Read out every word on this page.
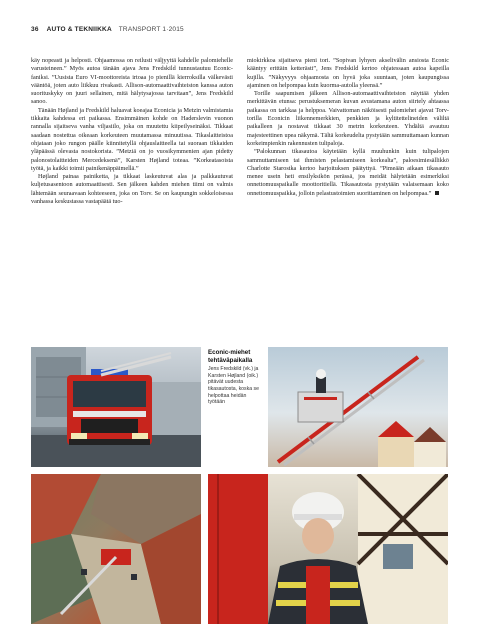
36 AUTO & TEKNIIKKA TRANSPORT 1·2015

käy nopeasti ja helposti. Ohjaamossa on reilusti väljyyttä kahdelle palomiehelle varusteineen.” Myös autoa tänään ajava Jens Fredskild tunnustautuu Econic-faniksi. ”Uusista Euro VI-moottoreista irtoaa jo pienillä kierroksilla välkevästi vääntöä, joten auto liikkuu rivakasti. Allison-automaattivaihteiston kanssa auton suorituskyky on juuri sellainen, mitä hälytysajossa tarvitaan”, Jens Fredskild sanoo.

Tänään Højland ja Fredskild haluavat koeajaa Econicia ja Metzin valmistamia tikkaita kahdessa eri paikassa. Ensimmäinen kohde on Haderslevin vuonon rannalla sijaitseva vanha viljasiilo, joka on muutettu kiipeilyseinäksi. Tikkaat saadaan nostettua oikeaan korkeuteen muutamassa minuutissa. Tikaslaitteistoa ohjataan joko rungon päälle kiinnitetyllä ohjauslaitteella tai suoraan tikkaiden yläpäässä olevasta nostokorista. ”Metziä on jo vuosikymmenien ajan pidetty palonostolaitteiden Mercedeksenä”, Karsten Højland toteaa. ”Korkeatasoista työtä, ja kaikki toimii painikenäppäimellä.”

Højland painaa painiketta, ja tikkaat laskeutuvat alas ja palkkautuvat kuljetusasentoon automaattisesti. Sen jälkeen kahden miehen tiimi on valmis lähtemään seuraavaan kohteeseen, joka on Torv. Se on kaupungin sokkeloisessa vanhassa keskustassa vastapäätä tuo-

miokirkkoa sijaitseva pieni tori. ”Sopivan lyhyen akselivälin ansiosta Econic kääntyy erittäin ketterästi”, Jens Fredskild kertoo ohjatessaan autoa kapeilla kujilla. ”Näkyvyys ohjaamosta on hyvä joka suuntaan, joten kaupungissa ajaminen on helpompaa kuin kuorma-autolla yleensä.”

Torille saapumisen jälkeen Allison-automaattivaihteiston näyttää yhden merkittävän etunsa: perustuksemeran kuvan avustamana auton siirtely ahtaassa paikassa on tarkkaa ja helppoa. Vaivattoman näköisesti palomiehet ajavat Torv-torilla Econicin liikennemerkkien, penkkien ja kyltitettelineiden väliltä paikalleen ja nostavat tikkaat 30 metrin korkeuteen. Yhdältä avautuu majesteettinen upea näkymä. Tältä korkeudelta pystytään sammuttamaan kunnan korkeimpienkin rakennusten tulipaloja.

”Palokunnan tikasautoa käytetään kyllä muuhunkin kuin tulipalojen sammuttamiseen tai ihmisten pelastamiseen korkealta”, paloesimiesällikkö Charlotte Starostka kertoo harjoituksen päätyttyä. ”Pimeään aikaan tikasauto menee usein heti ensilyksikön perässä, jos meidät hälytetään esimerkiksi onnettomuuspaikalle moottoritiellä. Tikasautosta pystytään valaisemaan koko onnettomuuspaikka, jolloin pelastustoimien suorittaminen on helpompaa.”

Econic-miehet tehtäväpaikalla
Jens Fredskild (vk.) ja Karsten Højland (oik.) pitävät uudesta tikasautosta, koska se helpottaa heidän työtään
